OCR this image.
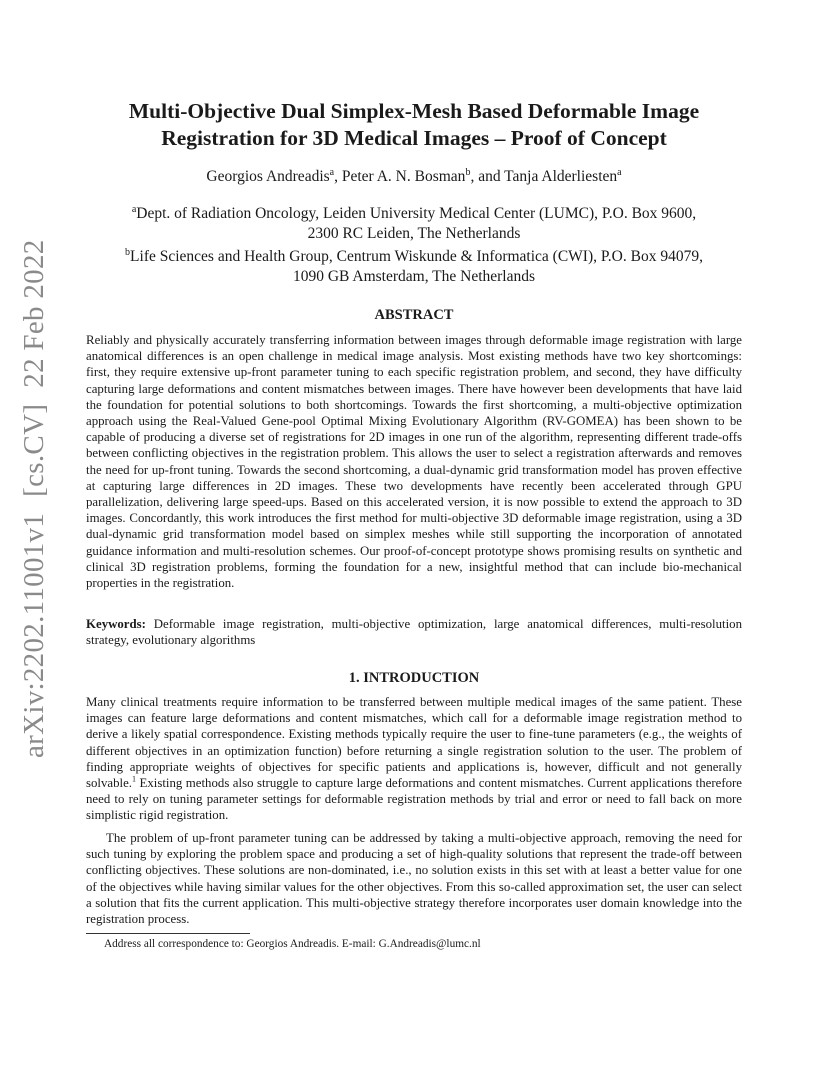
arXiv:2202.11001v1[cs.CV]22 Feb 2022
Multi-Objective Dual Simplex-Mesh Based Deformable Image
Registration for 3D Medical Images – Proof of Concept
Georgios Andreadis$^a$, Peter A. N. Bosman$^b$, and Tanja Alderliesten$^a$

$^a$Dept. of Radiation Oncology, Leiden University Medical Center (LUMC), P.O. Box 9600,
2300 RC Leiden, The Netherlands

$^b$Life Sciences and Health Group, Centrum Wiskunde & Informatica (CWI), P.O. Box 94079,
1090 GB Amsterdam, The Netherlands

ABSTRACT

Reliably and physically accurately transferring information between images through deformable image registration with large anatomical differences is an open challenge in medical image analysis. Most existing methods have two key shortcomings: first, they require extensive up-front parameter tuning to each specific registration problem, and second, they have difficulty capturing large deformations and content mismatches between images. There have however been developments that have laid the foundation for potential solutions to both shortcomings. Towards the first shortcoming, a multi-objective optimization approach using the Real-Valued Gene-pool Optimal Mixing Evolutionary Algorithm (RV-GOMEA) has been shown to be capable of producing a diverse set of registrations for 2D images in one run of the algorithm, representing different trade-offs between conflicting objectives in the registration problem. This allows the user to select a registration afterwards and removes the need for up-front tuning. Towards the second shortcoming, a dual-dynamic grid transformation model has proven effective at capturing large differences in 2D images. These two developments have recently been accelerated through GPU parallelization, delivering large speed-ups. Based on this accelerated version, it is now possible to extend the approach to 3D images. Concordantly, this work introduces the first method for multi-objective 3D deformable image registration, using a 3D dual-dynamic grid transformation model based on simplex meshes while still supporting the incorporation of annotated guidance information and multi-resolution schemes. Our proof-of-concept prototype shows promising results on synthetic and clinical 3D registration problems, forming the foundation for a new, insightful method that can include bio-mechanical properties in the registration.

Keywords: Deformable image registration, multi-objective optimization, large anatomical differences, multi-resolution strategy, evolutionary algorithms

1. INTRODUCTION

Many clinical treatments require information to be transferred between multiple medical images of the same patient. These images can feature large deformations and content mismatches, which call for a deformable image registration method to derive a likely spatial correspondence. Existing methods typically require the user to fine-tune parameters (e.g., the weights of different objectives in an optimization function) before returning a single registration solution to the user. The problem of finding appropriate weights of objectives for specific patients and applications is, however, difficult and not generally solvable.$^1$ Existing methods also struggle to capture large deformations and content mismatches. Current applications therefore need to rely on tuning parameter settings for deformable registration methods by trial and error or need to fall back on more simplistic rigid registration.

The problem of up-front parameter tuning can be addressed by taking a multi-objective approach, removing the need for such tuning by exploring the problem space and producing a set of high-quality solutions that represent the trade-off between conflicting objectives. These solutions are non-dominated, i.e., no solution exists in this set with at least a better value for one of the objectives while having similar values for the other objectives. From this so-called approximation set, the user can select a solution that fits the current application. This multi-objective strategy therefore incorporates user domain knowledge into the registration process.

Address all correspondence to: Georgios Andreadis. E-mail: G.Andreadis@lumc.nl
